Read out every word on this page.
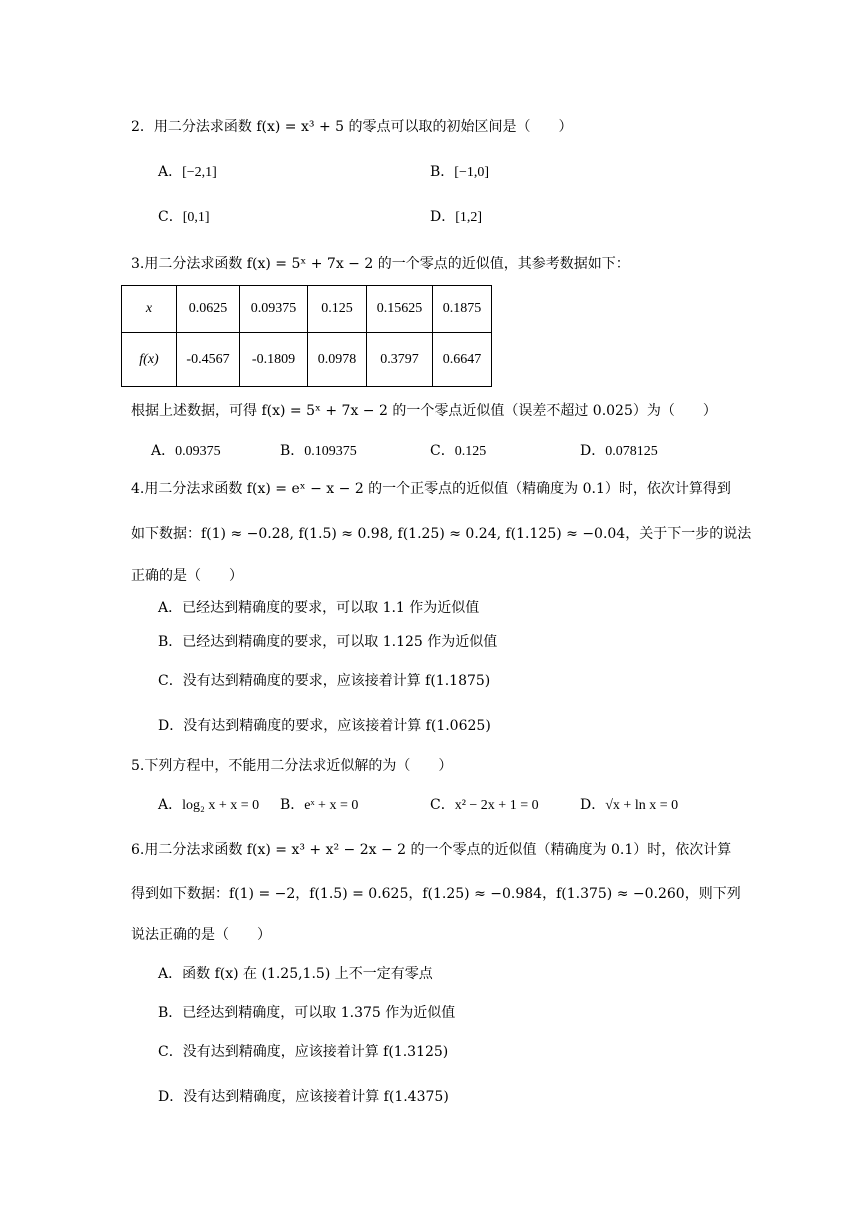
2．用二分法求函数 f(x) = x³ + 5 的零点可以取的初始区间是（　　）
A．[−2,1]	B．[−1,0]
C．[0,1]	D．[1,2]
3.用二分法求函数 f(x) = 5ˣ + 7x − 2 的一个零点的近似值，其参考数据如下：
x	0.0625	0.09375	0.125	0.15625	0.1875
f(x)	-0.4567	-0.1809	0.0978	0.3797	0.6647
根据上述数据，可得 f(x) = 5ˣ + 7x − 2 的一个零点近似值（误差不超过 0.025）为（　　）
A．0.09375	B．0.109375	C．0.125	D．0.078125
4.用二分法求函数 f(x) = eˣ − x − 2 的一个正零点的近似值（精确度为 0.1）时，依次计算得到
如下数据：f(1) ≈ −0.28, f(1.5) ≈ 0.98, f(1.25) ≈ 0.24, f(1.125) ≈ −0.04，关于下一步的说法
正确的是（　　）
A．已经达到精确度的要求，可以取 1.1 作为近似值
B．已经达到精确度的要求，可以取 1.125 作为近似值
C．没有达到精确度的要求，应该接着计算 f(1.1875)
D．没有达到精确度的要求，应该接着计算 f(1.0625)
5.下列方程中，不能用二分法求近似解的为（　　）
A．log₂ x + x = 0 B．eˣ + x = 0	C．x² − 2x + 1 = 0	D．√x + ln x = 0
6.用二分法求函数 f(x) = x³ + x² − 2x − 2 的一个零点的近似值（精确度为 0.1）时，依次计算
得到如下数据：f(1) = −2，f(1.5) = 0.625，f(1.25) ≈ −0.984，f(1.375) ≈ −0.260，则下列
说法正确的是（　　）
A．函数 f(x) 在 (1.25,1.5) 上不一定有零点
B．已经达到精确度，可以取 1.375 作为近似值
C．没有达到精确度，应该接着计算 f(1.3125)
D．没有达到精确度，应该接着计算 f(1.4375)
